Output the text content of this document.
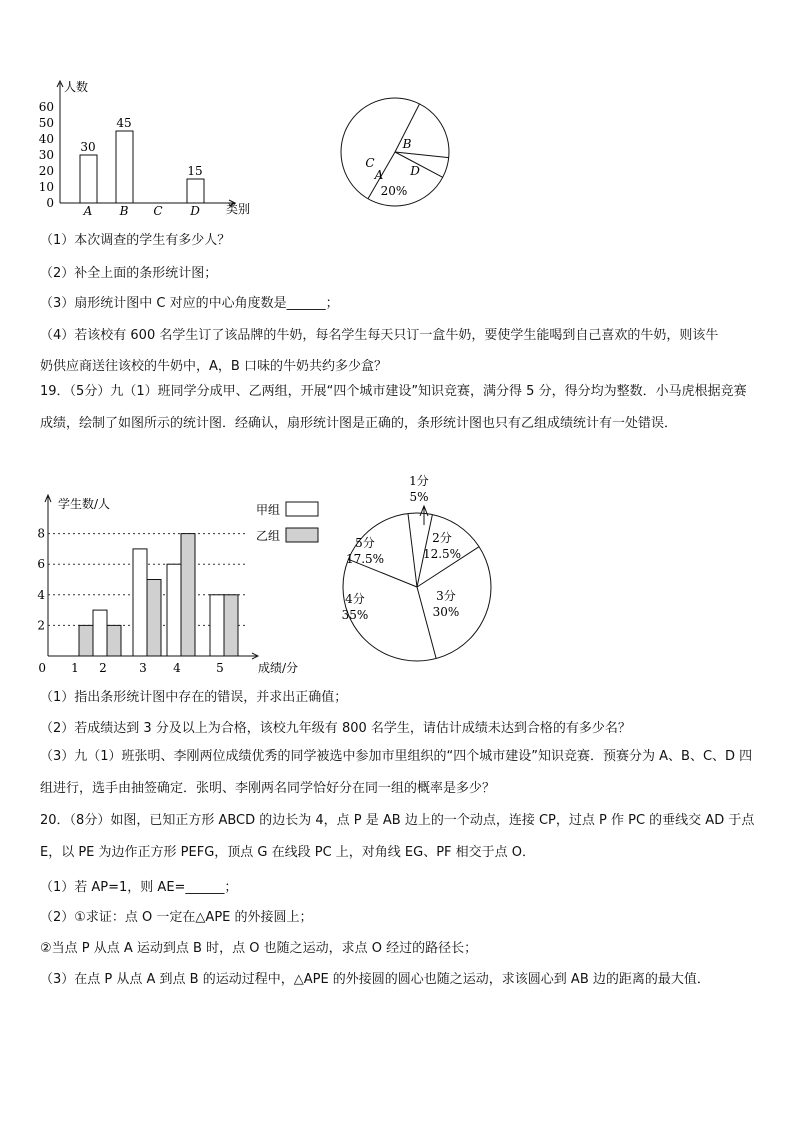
人数
类别
0
10
20
30
40
50
60
A
30
B
45
C D
15
C
B
D
A
20%
（1）本次调查的学生有多少人？
（2）补全上面的条形统计图；
（3）扇形统计图中 C 对应的中心角度数是______；
（4）若该校有 600 名学生订了该品牌的牛奶，每名学生每天只订一盒牛奶，要使学生能喝到自己喜欢的牛奶，则该牛
奶供应商送往该校的牛奶中，A，B 口味的牛奶共约多少盒？
19．（5分）九（1）班同学分成甲、乙两组，开展“四个城市建设”知识竞赛，满分得 5 分，得分均为整数．小马虎根据竞赛成绩，绘制了如图所示的统计图．经确认，扇形统计图是正确的，条形统计图也只有乙组成绩统计有一处错误．
学生数/人
成绩/分
0
2
4
6
8
1 2	3 4	5
甲组
乙组
1分
5%
2分
12.5%
3分
30%
4分
35%
5分
17.5%
（1）指出条形统计图中存在的错误，并求出正确值；
（2）若成绩达到 3 分及以上为合格，该校九年级有 800 名学生，请估计成绩未达到合格的有多少名？
（3）九（1）班张明、李刚两位成绩优秀的同学被选中参加市里组织的“四个城市建设”知识竞赛．预赛分为 A、B、C、D 四组进行，选手由抽签确定．张明、李刚两名同学恰好分在同一组的概率是多少？
20．（8分）如图，已知正方形 ABCD 的边长为 4，点 P 是 AB 边上的一个动点，连接 CP，过点 P 作 PC 的垂线交 AD 于点 E，以 PE 为边作正方形 PEFG，顶点 G 在线段 PC 上，对角线 EG、PF 相交于点 O．
（1）若 AP=1，则 AE=______；
（2）①求证：点 O 一定在△APE 的外接圆上；
②当点 P 从点 A 运动到点 B 时，点 O 也随之运动，求点 O 经过的路径长；
（3）在点 P 从点 A 到点 B 的运动过程中，△APE 的外接圆的圆心也随之运动，求该圆心到 AB 边的距离的最大值．
